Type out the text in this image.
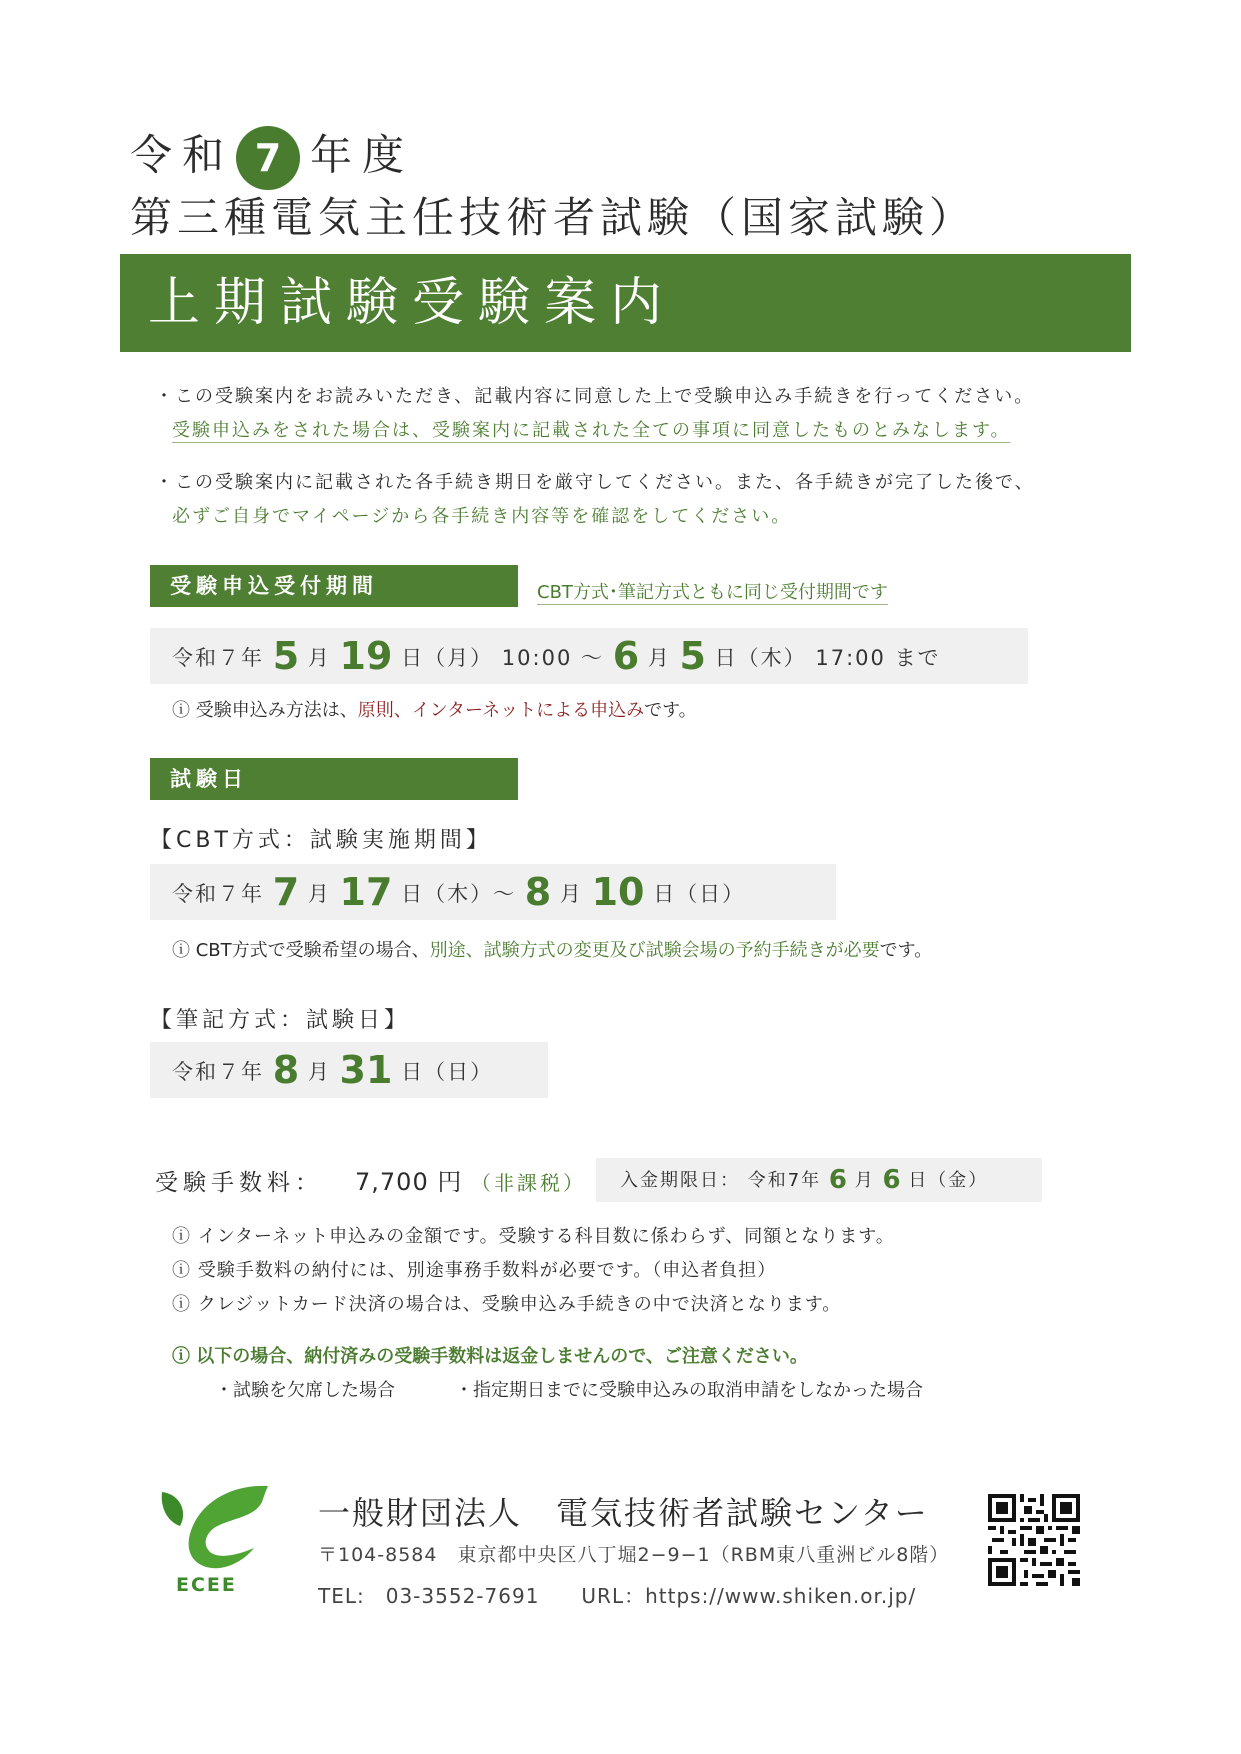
令和 7 年度
第三種電気主任技術者試験（国家試験）
上期試験受験案内
・この受験案内をお読みいただき、記載内容に同意した上で受験申込み手続きを行ってください。
受験申込みをされた場合は、受験案内に記載された全ての事項に同意したものとみなします。
・この受験案内に記載された各手続き期日を厳守してください。また、各手続きが完了した後で、
必ずご自身でマイページから各手続き内容等を確認をしてください。
受験申込受付期間	CBT方式･筆記方式ともに同じ受付期間です
令和７年 5 月 19 日（月） 10:00 ～ 6 月 5 日（木） 17:00 まで
ⓘ 受験申込み方法は、原則、インターネットによる申込みです。
試験日
【CBT方式：試験実施期間】
令和７年 7 月 17 日（木）～ 8 月 10 日（日）
ⓘ CBT方式で受験希望の場合、別途、試験方式の変更及び試験会場の予約手続きが必要です。
【筆記方式：試験日】
令和７年 8 月 31 日（日）
受験手数料： 7,700 円 （非課税） 入金期限日： 令和7年 6 月 6 日（金）
ⓘ インターネット申込みの金額です。受験する科目数に係わらず、同額となります。
ⓘ 受験手数料の納付には、別途事務手数料が必要です。（申込者負担）
ⓘ クレジットカード決済の場合は、受験申込み手続きの中で決済となります。
ⓘ 以下の場合、納付済みの受験手数料は返金しませんので、ご注意ください。
・試験を欠席した場合	・指定期日までに受験申込みの取消申請をしなかった場合
ECEE
一般財団法人　電気技術者試験センター
〒104-8584　東京都中央区八丁堀2−9−1（RBM東八重洲ビル8階）
TEL:　03-3552-7691　　URL：https://www.shiken.or.jp/
